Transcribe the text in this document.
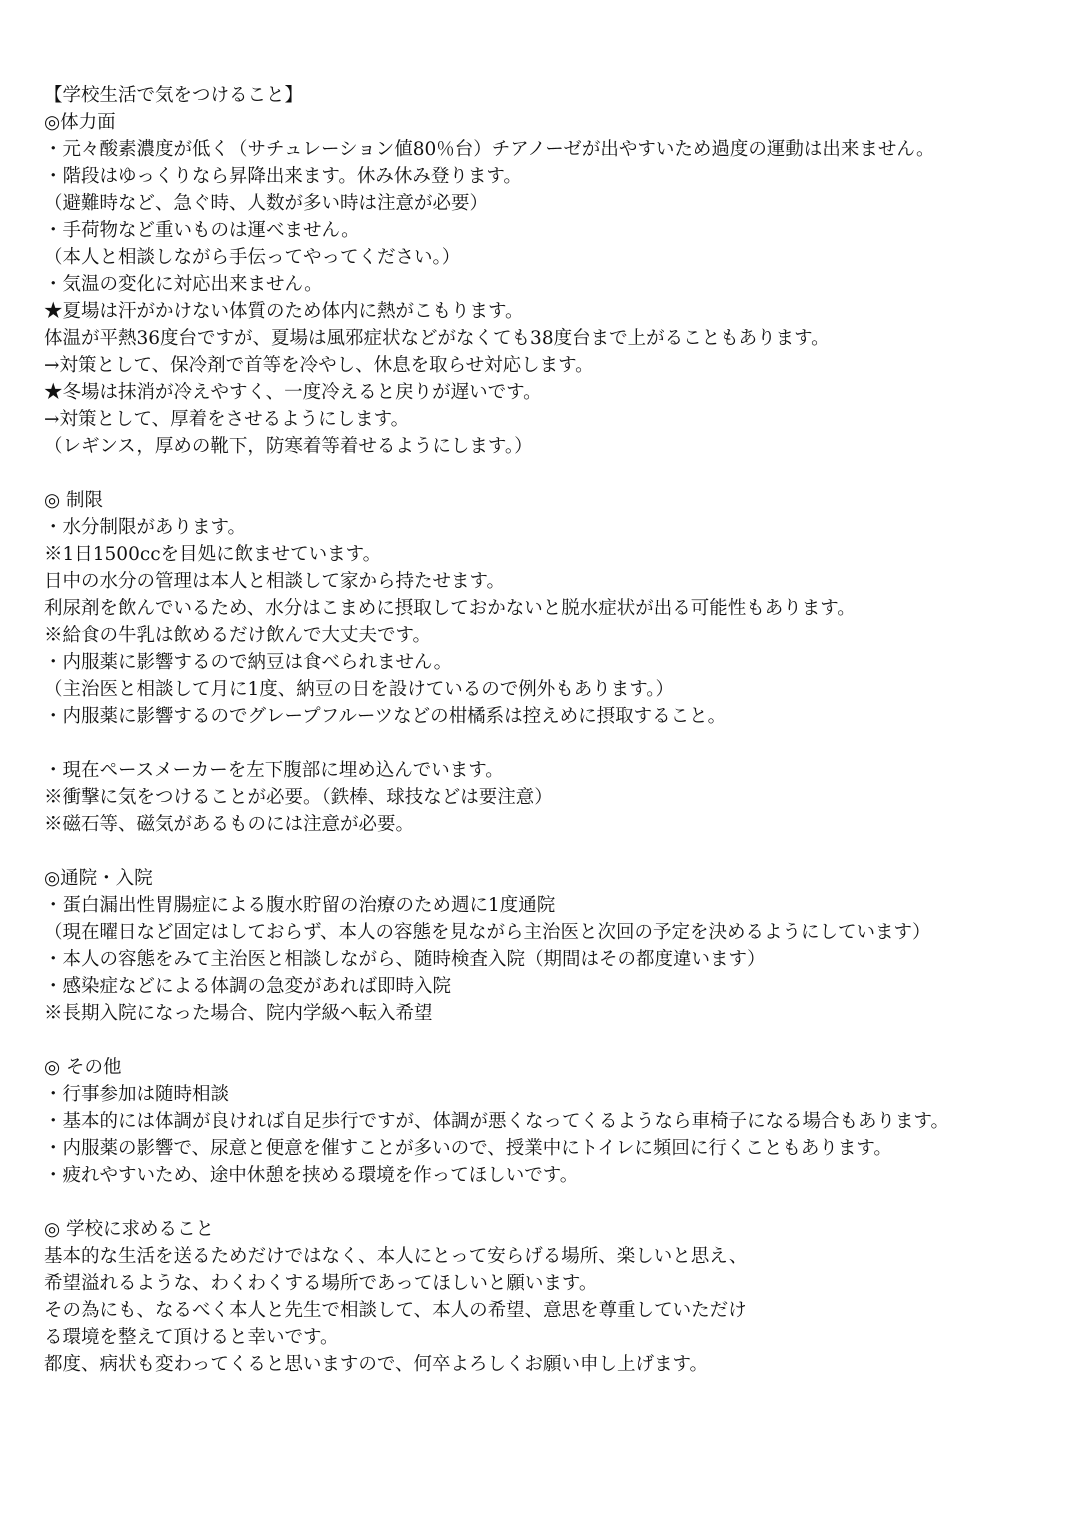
【学校生活で気をつけること】
◎体力面
・元々酸素濃度が低く（サチュレーション値80％台）チアノーゼが出やすいため過度の運動は出来ません。
・階段はゆっくりなら昇降出来ます。休み休み登ります。
（避難時など、急ぐ時、人数が多い時は注意が必要）
・手荷物など重いものは運べません。
（本人と相談しながら手伝ってやってください。）
・気温の変化に対応出来ません。
★夏場は汗がかけない体質のため体内に熱がこもります。
体温が平熱36度台ですが、夏場は風邪症状などがなくても38度台まで上がることもあります。
→対策として、保冷剤で首等を冷やし、休息を取らせ対応します。
★冬場は抹消が冷えやすく、一度冷えると戻りが遅いです。
→対策として、厚着をさせるようにします。
（レギンス，厚めの靴下，防寒着等着せるようにします。）
◎ 制限
・水分制限があります。
※1日1500ccを目処に飲ませています。
日中の水分の管理は本人と相談して家から持たせます。
利尿剤を飲んでいるため、水分はこまめに摂取しておかないと脱水症状が出る可能性もあります。
※給食の牛乳は飲めるだけ飲んで大丈夫です。
・内服薬に影響するので納豆は食べられません。
（主治医と相談して月に1度、納豆の日を設けているので例外もあります。）
・内服薬に影響するのでグレープフルーツなどの柑橘系は控えめに摂取すること。
・現在ペースメーカーを左下腹部に埋め込んでいます。
※衝撃に気をつけることが必要。（鉄棒、球技などは要注意）
※磁石等、磁気があるものには注意が必要。
◎通院・入院
・蛋白漏出性胃腸症による腹水貯留の治療のため週に1度通院
（現在曜日など固定はしておらず、本人の容態を見ながら主治医と次回の予定を決めるようにしています）
・本人の容態をみて主治医と相談しながら、随時検査入院（期間はその都度違います）
・感染症などによる体調の急変があれば即時入院
※長期入院になった場合、院内学級へ転入希望
◎ その他
・行事参加は随時相談
・基本的には体調が良ければ自足歩行ですが、体調が悪くなってくるようなら車椅子になる場合もあります。
・内服薬の影響で、尿意と便意を催すことが多いので、授業中にトイレに頻回に行くこともあります。
・疲れやすいため、途中休憩を挟める環境を作ってほしいです。
◎ 学校に求めること
基本的な生活を送るためだけではなく、本人にとって安らげる場所、楽しいと思え、
希望溢れるような、わくわくする場所であってほしいと願います。
その為にも、なるべく本人と先生で相談して、本人の希望、意思を尊重していただけ
る環境を整えて頂けると幸いです。
都度、病状も変わってくると思いますので、何卒よろしくお願い申し上げます。
